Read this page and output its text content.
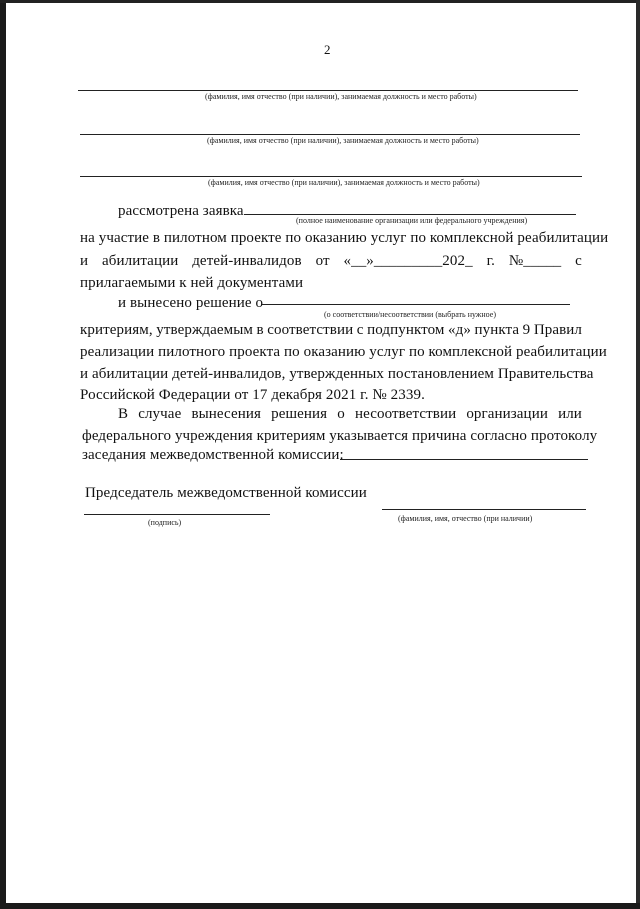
2
(фамилия, имя отчество (при наличии), занимаемая должность и место работы)
(фамилия, имя отчество (при наличии), занимаемая должность и место работы)
(фамилия, имя отчество (при наличии), занимаемая должность и место работы)
рассмотрена заявка
(полное наименование организации или федерального учреждения)
на участие в пилотном проекте по оказанию услуг по комплексной реабилитации
и абилитации детей-инвалидов от «__»_________202_ г. №_____ с
прилагаемыми к ней документами
и вынесено решение о
(о соответствии/несоответствии (выбрать нужное)
критериям, утверждаемым в соответствии с подпунктом «д» пункта 9 Правил
реализации пилотного проекта по оказанию услуг по комплексной реабилитации
и абилитации детей-инвалидов, утвержденных постановлением Правительства
Российской Федерации от 17 декабря 2021 г. № 2339.
В случае вынесения решения о несоответствии организации или
федерального учреждения критериям указывается причина согласно протоколу
заседания межведомственной комиссии:
Председатель межведомственной комиссии
(подпись)	(фамилия, имя, отчество (при наличии)
